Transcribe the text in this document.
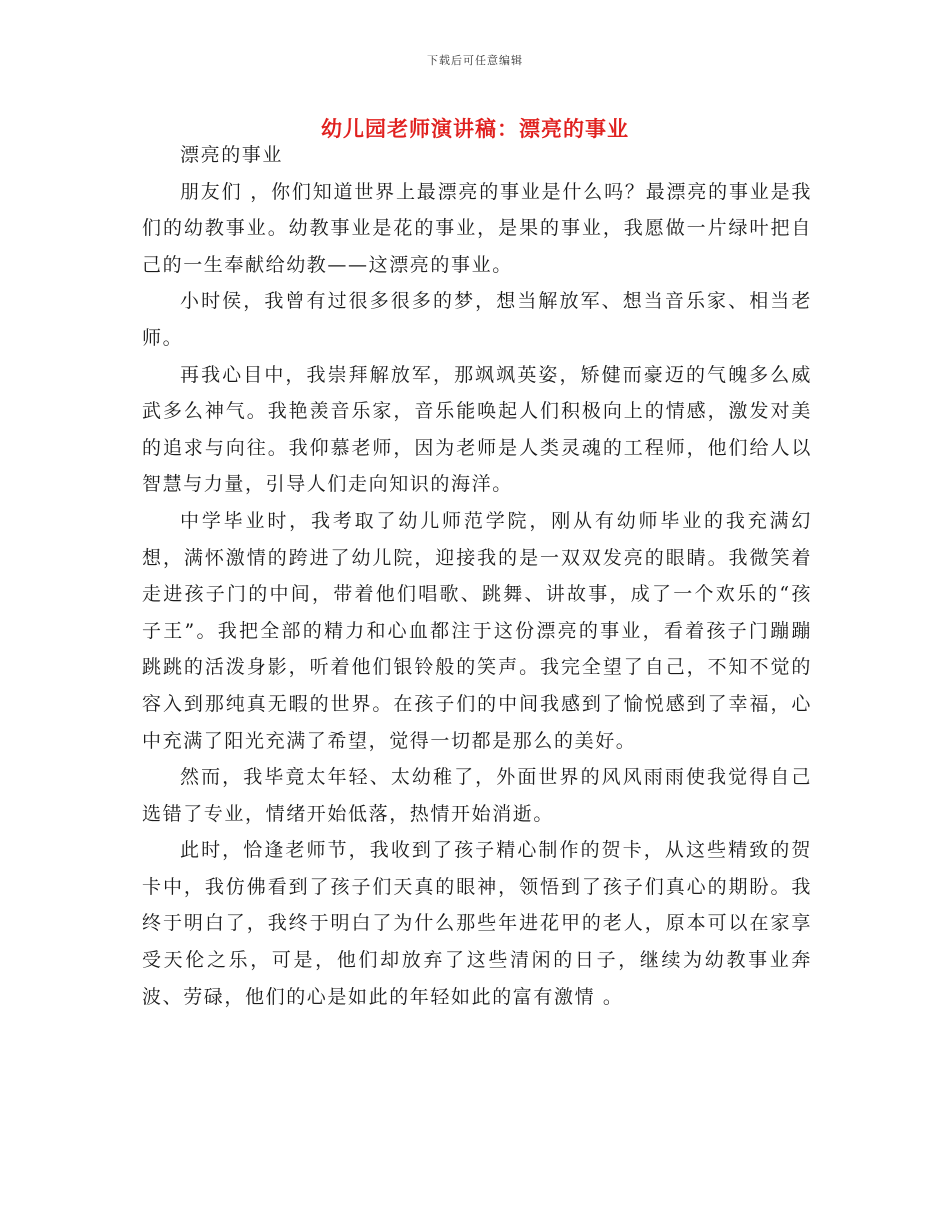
下载后可任意编辑
幼儿园老师演讲稿：漂亮的事业

漂亮的事业

朋友们 ，你们知道世界上最漂亮的事业是什么吗？最漂亮的事业是我们的幼教事业。幼教事业是花的事业，是果的事业，我愿做一片绿叶把自己的一生奉献给幼教——这漂亮的事业。

小时侯，我曾有过很多很多的梦，想当解放军、想当音乐家、相当老师。

再我心目中，我崇拜解放军，那飒飒英姿，矫健而豪迈的气魄多么威武多么神气。我艳羡音乐家，音乐能唤起人们积极向上的情感，激发对美的追求与向往。我仰慕老师，因为老师是人类灵魂的工程师，他们给人以智慧与力量，引导人们走向知识的海洋。

中学毕业时，我考取了幼儿师范学院，刚从有幼师毕业的我充满幻想，满怀激情的跨进了幼儿院，迎接我的是一双双发亮的眼睛。我微笑着走进孩子门的中间，带着他们唱歌、跳舞、讲故事，成了一个欢乐的“孩子王”。我把全部的精力和心血都注于这份漂亮的事业，看着孩子门蹦蹦跳跳的活泼身影，听着他们银铃般的笑声。我完全望了自己，不知不觉的容入到那纯真无暇的世界。在孩子们的中间我感到了愉悦感到了幸福，心中充满了阳光充满了希望，觉得一切都是那么的美好。

然而，我毕竟太年轻、太幼稚了，外面世界的风风雨雨使我觉得自己选错了专业，情绪开始低落，热情开始消逝。

此时，恰逢老师节，我收到了孩子精心制作的贺卡，从这些精致的贺卡中，我仿佛看到了孩子们天真的眼神，领悟到了孩子们真心的期盼。我终于明白了，我终于明白了为什么那些年进花甲的老人，原本可以在家享受天伦之乐，可是，他们却放弃了这些清闲的日子，继续为幼教事业奔波、劳碌，他们的心是如此的年轻如此的富有激情 。
